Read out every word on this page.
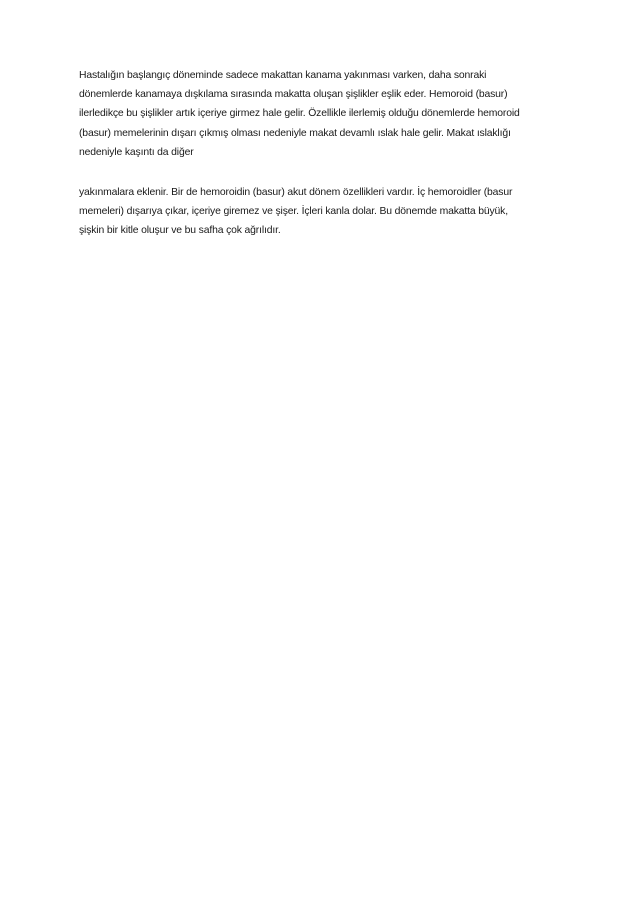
Hastalığın başlangıç döneminde sadece makattan kanama yakınması varken, daha sonraki
dönemlerde kanamaya dışkılama sırasında makatta oluşan şişlikler eşlik eder. Hemoroid (basur)
ilerledikçe bu şişlikler artık içeriye girmez hale gelir. Özellikle ilerlemiş olduğu dönemlerde hemoroid
(basur) memelerinin dışarı çıkmış olması nedeniyle makat devamlı ıslak hale gelir. Makat ıslaklığı
nedeniyle kaşıntı da diğer

yakınmalara eklenir. Bir de hemoroidin (basur) akut dönem özellikleri vardır. İç hemoroidler (basur
memeleri) dışarıya çıkar, içeriye giremez ve şişer. İçleri kanla dolar. Bu dönemde makatta büyük,
şişkin bir kitle oluşur ve bu safha çok ağrılıdır.
